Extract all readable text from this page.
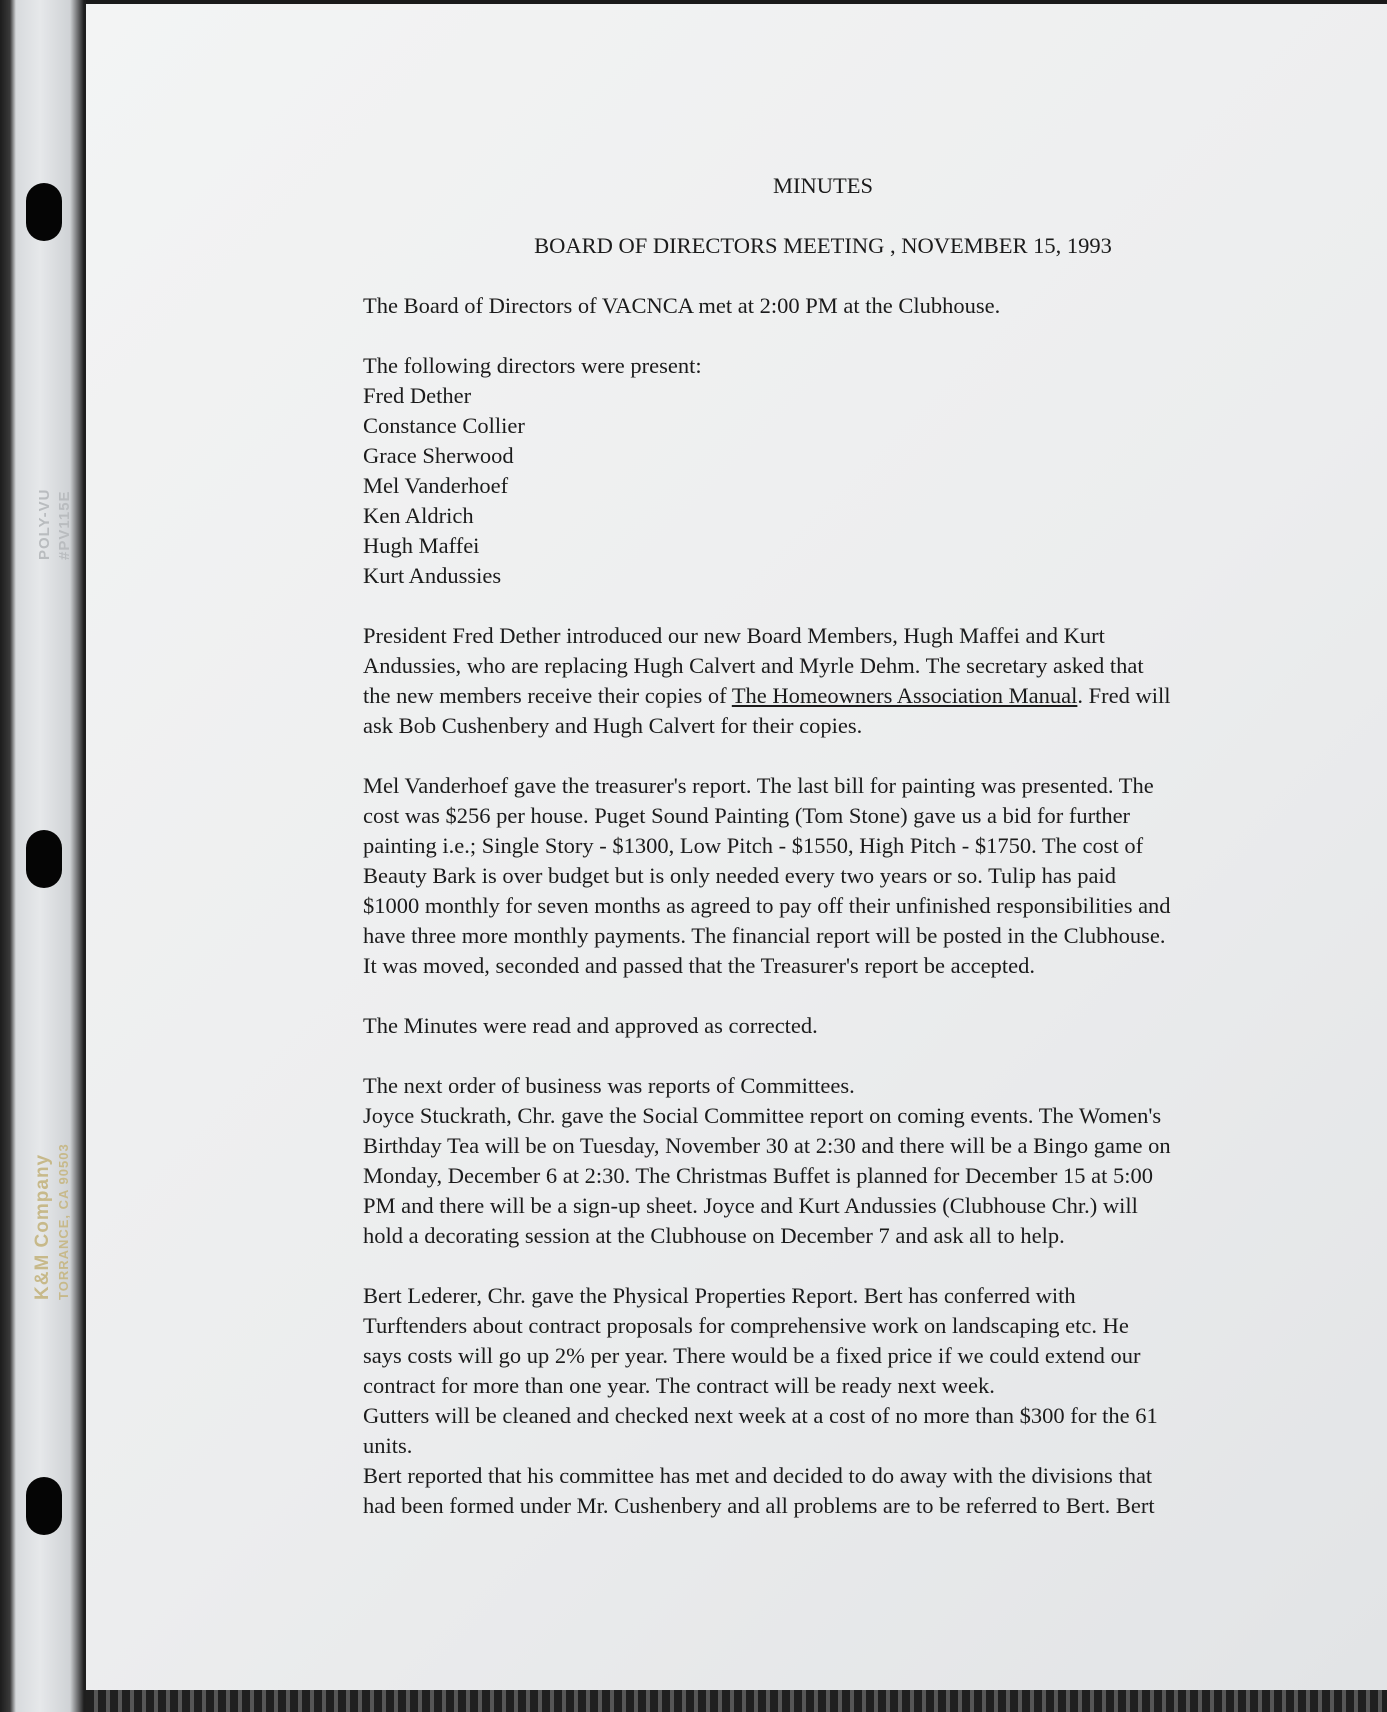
POLY-VU #PV115E
K&M Company TORRANCE, CA 90503
MINUTES
BOARD OF DIRECTORS MEETING , NOVEMBER 15, 1993
The Board of Directors of VACNCA met at 2:00 PM at the Clubhouse.
The following directors were present:
Fred Dether
Constance Collier
Grace Sherwood
Mel Vanderhoef
Ken Aldrich
Hugh Maffei
Kurt Andussies
President Fred Dether introduced our new Board Members, Hugh Maffei and Kurt
Andussies, who are replacing Hugh Calvert and Myrle Dehm. The secretary asked that
the new members receive their copies of The Homeowners Association Manual. Fred will
ask Bob Cushenbery and Hugh Calvert for their copies.
Mel Vanderhoef gave the treasurer's report. The last bill for painting was presented. The
cost was $256 per house. Puget Sound Painting (Tom Stone) gave us a bid for further
painting i.e.; Single Story - $1300, Low Pitch - $1550, High Pitch - $1750. The cost of
Beauty Bark is over budget but is only needed every two years or so. Tulip has paid
$1000 monthly for seven months as agreed to pay off their unfinished responsibilities and
have three more monthly payments. The financial report will be posted in the Clubhouse.
It was moved, seconded and passed that the Treasurer's report be accepted.
The Minutes were read and approved as corrected.
The next order of business was reports of Committees.
Joyce Stuckrath, Chr. gave the Social Committee report on coming events. The Women's
Birthday Tea will be on Tuesday, November 30 at 2:30 and there will be a Bingo game on
Monday, December 6 at 2:30. The Christmas Buffet is planned for December 15 at 5:00
PM and there will be a sign-up sheet. Joyce and Kurt Andussies (Clubhouse Chr.) will
hold a decorating session at the Clubhouse on December 7 and ask all to help.
Bert Lederer, Chr. gave the Physical Properties Report. Bert has conferred with
Turftenders about contract proposals for comprehensive work on landscaping etc. He
says costs will go up 2% per year. There would be a fixed price if we could extend our
contract for more than one year. The contract will be ready next week.
Gutters will be cleaned and checked next week at a cost of no more than $300 for the 61
units.
Bert reported that his committee has met and decided to do away with the divisions that
had been formed under Mr. Cushenbery and all problems are to be referred to Bert. Bert
